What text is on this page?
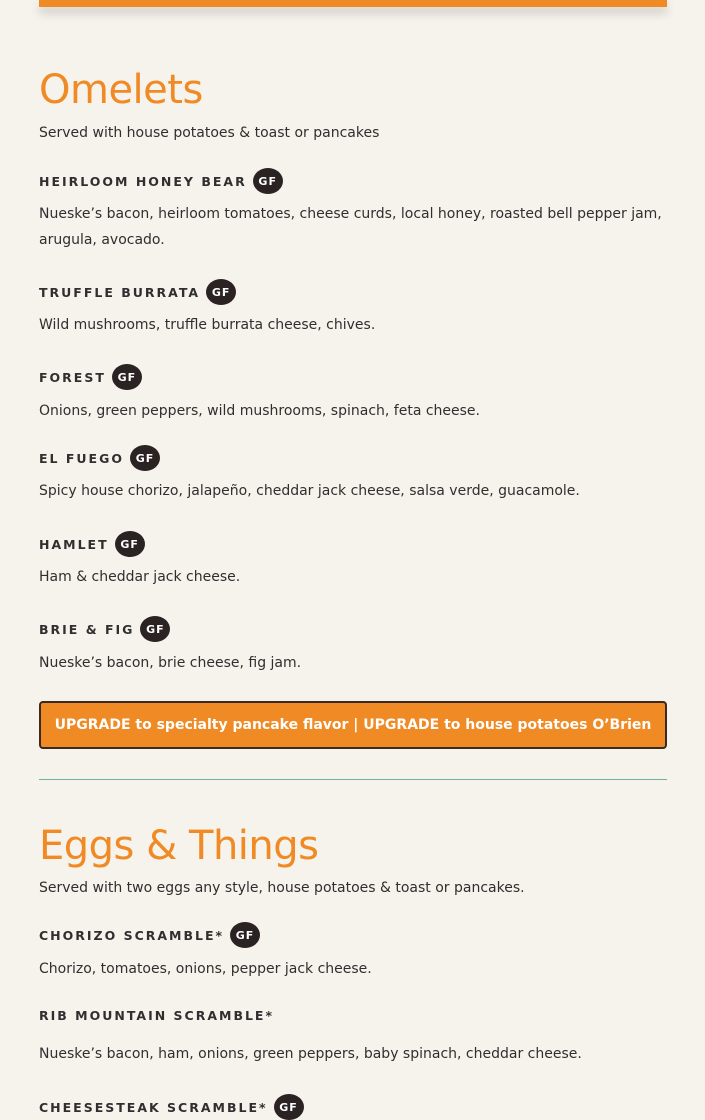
Omelets

Served with house potatoes & toast or pancakes

HEIRLOOM HONEY BEAR	GF

Nueske’s bacon, heirloom tomatoes, cheese curds, local honey, roasted bell pepper jam, arugula, avocado.

TRUFFLE BURRATA	GF

Wild mushrooms, truffle burrata cheese, chives.

FOREST	GF

Onions, green peppers, wild mushrooms, spinach, feta cheese.

EL FUEGO	GF

Spicy house chorizo, jalapeño, cheddar jack cheese, salsa verde, guacamole.

HAMLET	GF

Ham & cheddar jack cheese.

BRIE & FIG	GF

Nueske’s bacon, brie cheese, fig jam.

UPGRADE to specialty pancake flavor | UPGRADE to house potatoes O’Brien
Eggs & Things

Served with two eggs any style, house potatoes & toast or pancakes.

CHORIZO SCRAMBLE*	GF

Chorizo, tomatoes, onions, pepper jack cheese.

RIB MOUNTAIN SCRAMBLE*

Nueske’s bacon, ham, onions, green peppers, baby spinach, cheddar cheese.

CHEESESTEAK SCRAMBLE*	GF
